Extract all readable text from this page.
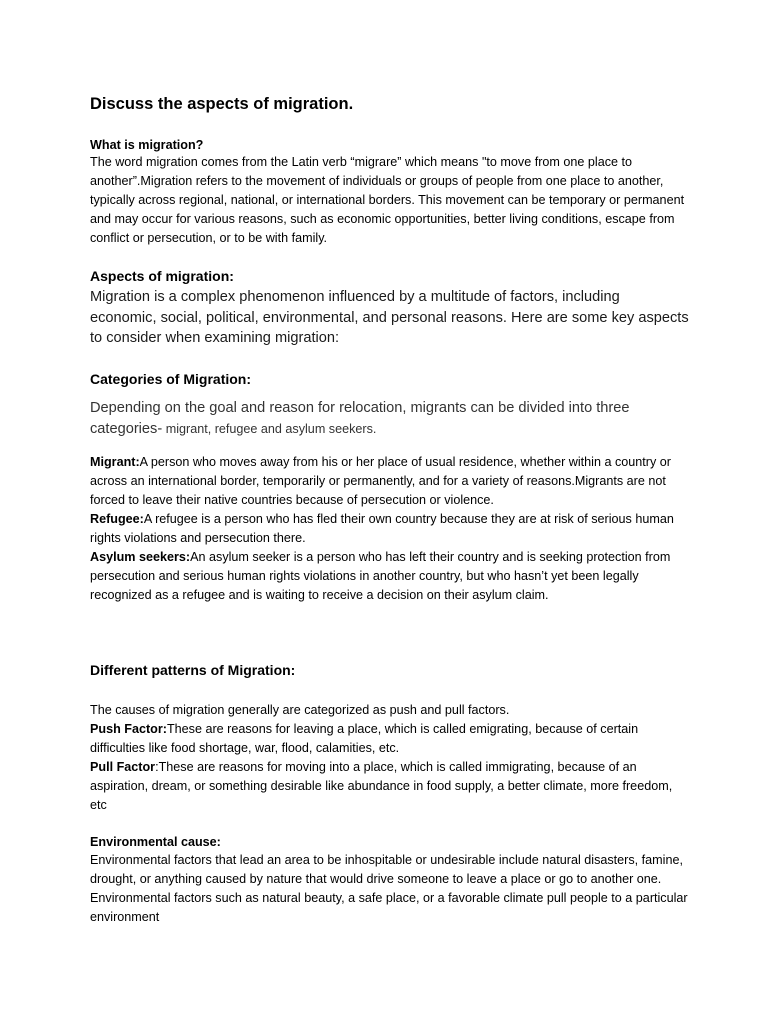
Discuss the aspects of migration.
What is migration?
The word migration comes from the Latin verb “migrare” which means "to move from one place to another”.Migration refers to the movement of individuals or groups of people from one place to another, typically across regional, national, or international borders. This movement can be temporary or permanent and may occur for various reasons, such as economic opportunities, better living conditions, escape from conflict or persecution, or to be with family.
Aspects of migration:
Migration is a complex phenomenon influenced by a multitude of factors, including economic, social, political, environmental, and personal reasons. Here are some key aspects to consider when examining migration:
Categories of Migration:
Depending on the goal and reason for relocation, migrants can be divided into three categories- migrant, refugee and asylum seekers.
Migrant:A person who moves away from his or her place of usual residence, whether within a country or across an international border, temporarily or permanently, and for a variety of reasons.Migrants are not forced to leave their native countries because of persecution or violence.
Refugee:A refugee is a person who has fled their own country because they are at risk of serious human rights violations and persecution there.
Asylum seekers:An asylum seeker is a person who has left their country and is seeking protection from persecution and serious human rights violations in another country, but who hasn’t yet been legally recognized as a refugee and is waiting to receive a decision on their asylum claim.
Different patterns of Migration:
The causes of migration generally are categorized as push and pull factors.
Push Factor:These are reasons for leaving a place, which is called emigrating, because of certain difficulties like food shortage, war, flood, calamities, etc.
Pull Factor:These are reasons for moving into a place, which is called immigrating, because of an aspiration, dream, or something desirable like abundance in food supply, a better climate, more freedom, etc
Environmental cause:
Environmental factors that lead an area to be inhospitable or undesirable include natural disasters, famine, drought, or anything caused by nature that would drive someone to leave a place or go to another one. Environmental factors such as natural beauty, a safe place, or a favorable climate pull people to a particular environment
